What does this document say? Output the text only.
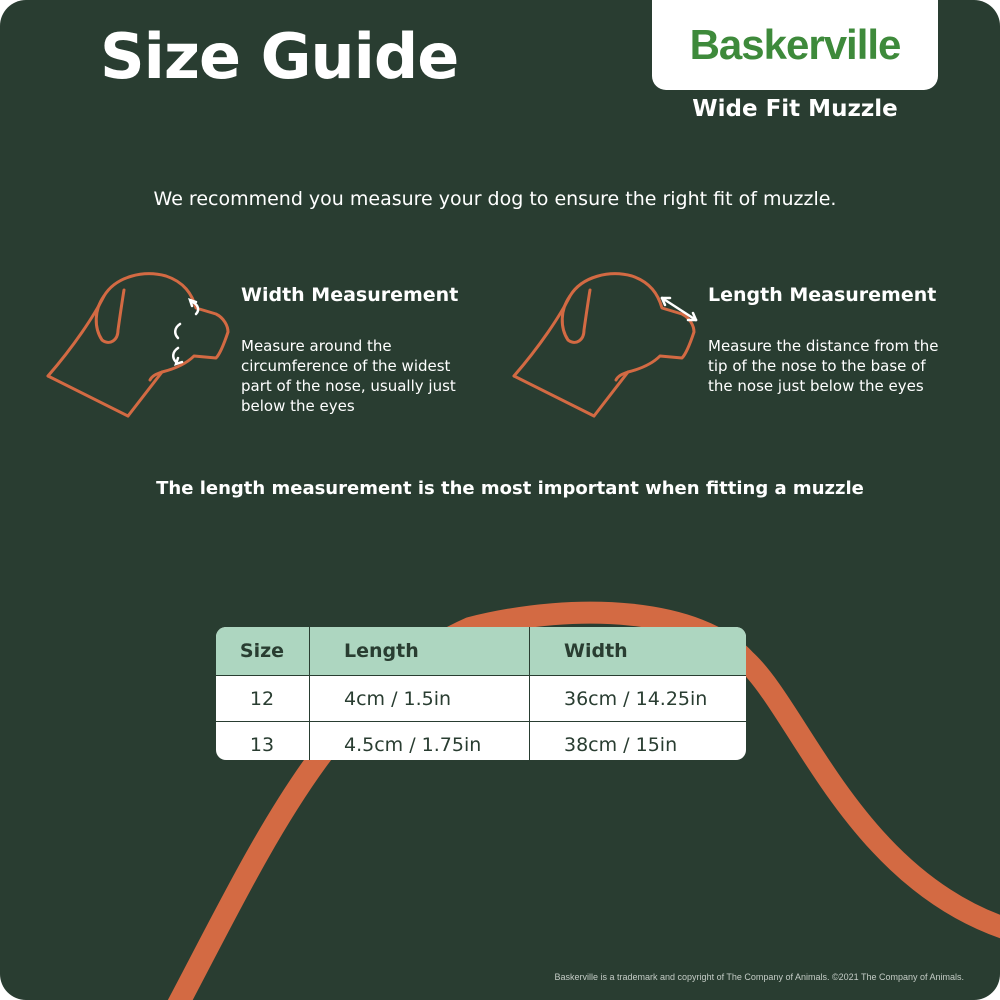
Size Guide	Baskerville
Wide Fit Muzzle
We recommend you measure your dog to ensure the right fit of muzzle.
Width Measurement
Measure around the
circumference of the widest
part of the nose, usually just
below the eyes
Length Measurement
Measure the distance from the
tip of the nose to the base of
the nose just below the eyes
The length measurement is the most important when fitting a muzzle
Size	Length	Width
12	4cm / 1.5in	36cm / 14.25in
13	4.5cm / 1.75in	38cm / 15in
Baskerville is a trademark and copyright of The Company of Animals. ©2021 The Company of Animals.
